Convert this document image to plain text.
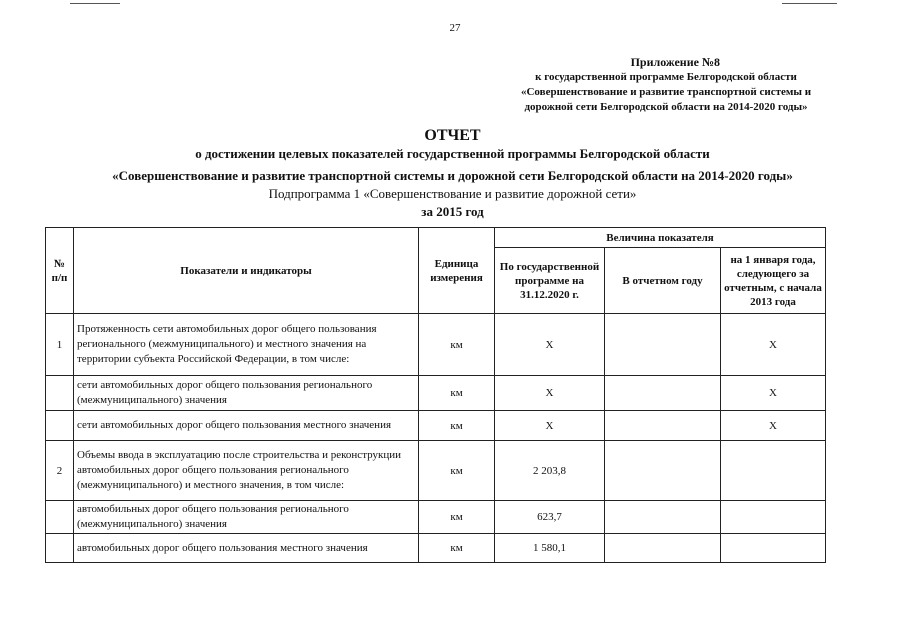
27
Приложение №8
к государственной программе Белгородской области
«Совершенствование и развитие транспортной системы и
дорожной сети Белгородской области на 2014-2020 годы»
ОТЧЕТ
о достижении целевых показателей государственной программы Белгородской области
«Совершенствование и развитие транспортной системы и дорожной сети Белгородской области на 2014-2020 годы»
Подпрограмма 1 «Совершенствование и развитие дорожной сети»
за 2015 год
№ п/п	Показатели и индикаторы	Единица измерения	Величина показателя		
			По государственной программе на 31.12.2020 г.	В отчетном году	на 1 января года, следующего за отчетным, с начала 2013 года
1	Протяженность сети автомобильных дорог общего пользования регионального (межмуниципального) и местного значения на территории субъекта Российской Федерации, в том числе:	км	X		X
	сети автомобильных дорог общего пользования регионального (межмуниципального) значения	км	X		X
	сети автомобильных дорог общего пользования местного значения	км	X		X
2	Объемы ввода в эксплуатацию после строительства и реконструкции автомобильных дорог общего пользования регионального (межмуниципального) и местного значения, в том числе:	км	2 203,8		
	автомобильных дорог общего пользования регионального (межмуниципального) значения	км	623,7		
	автомобильных дорог общего пользования местного значения	км	1 580,1		
